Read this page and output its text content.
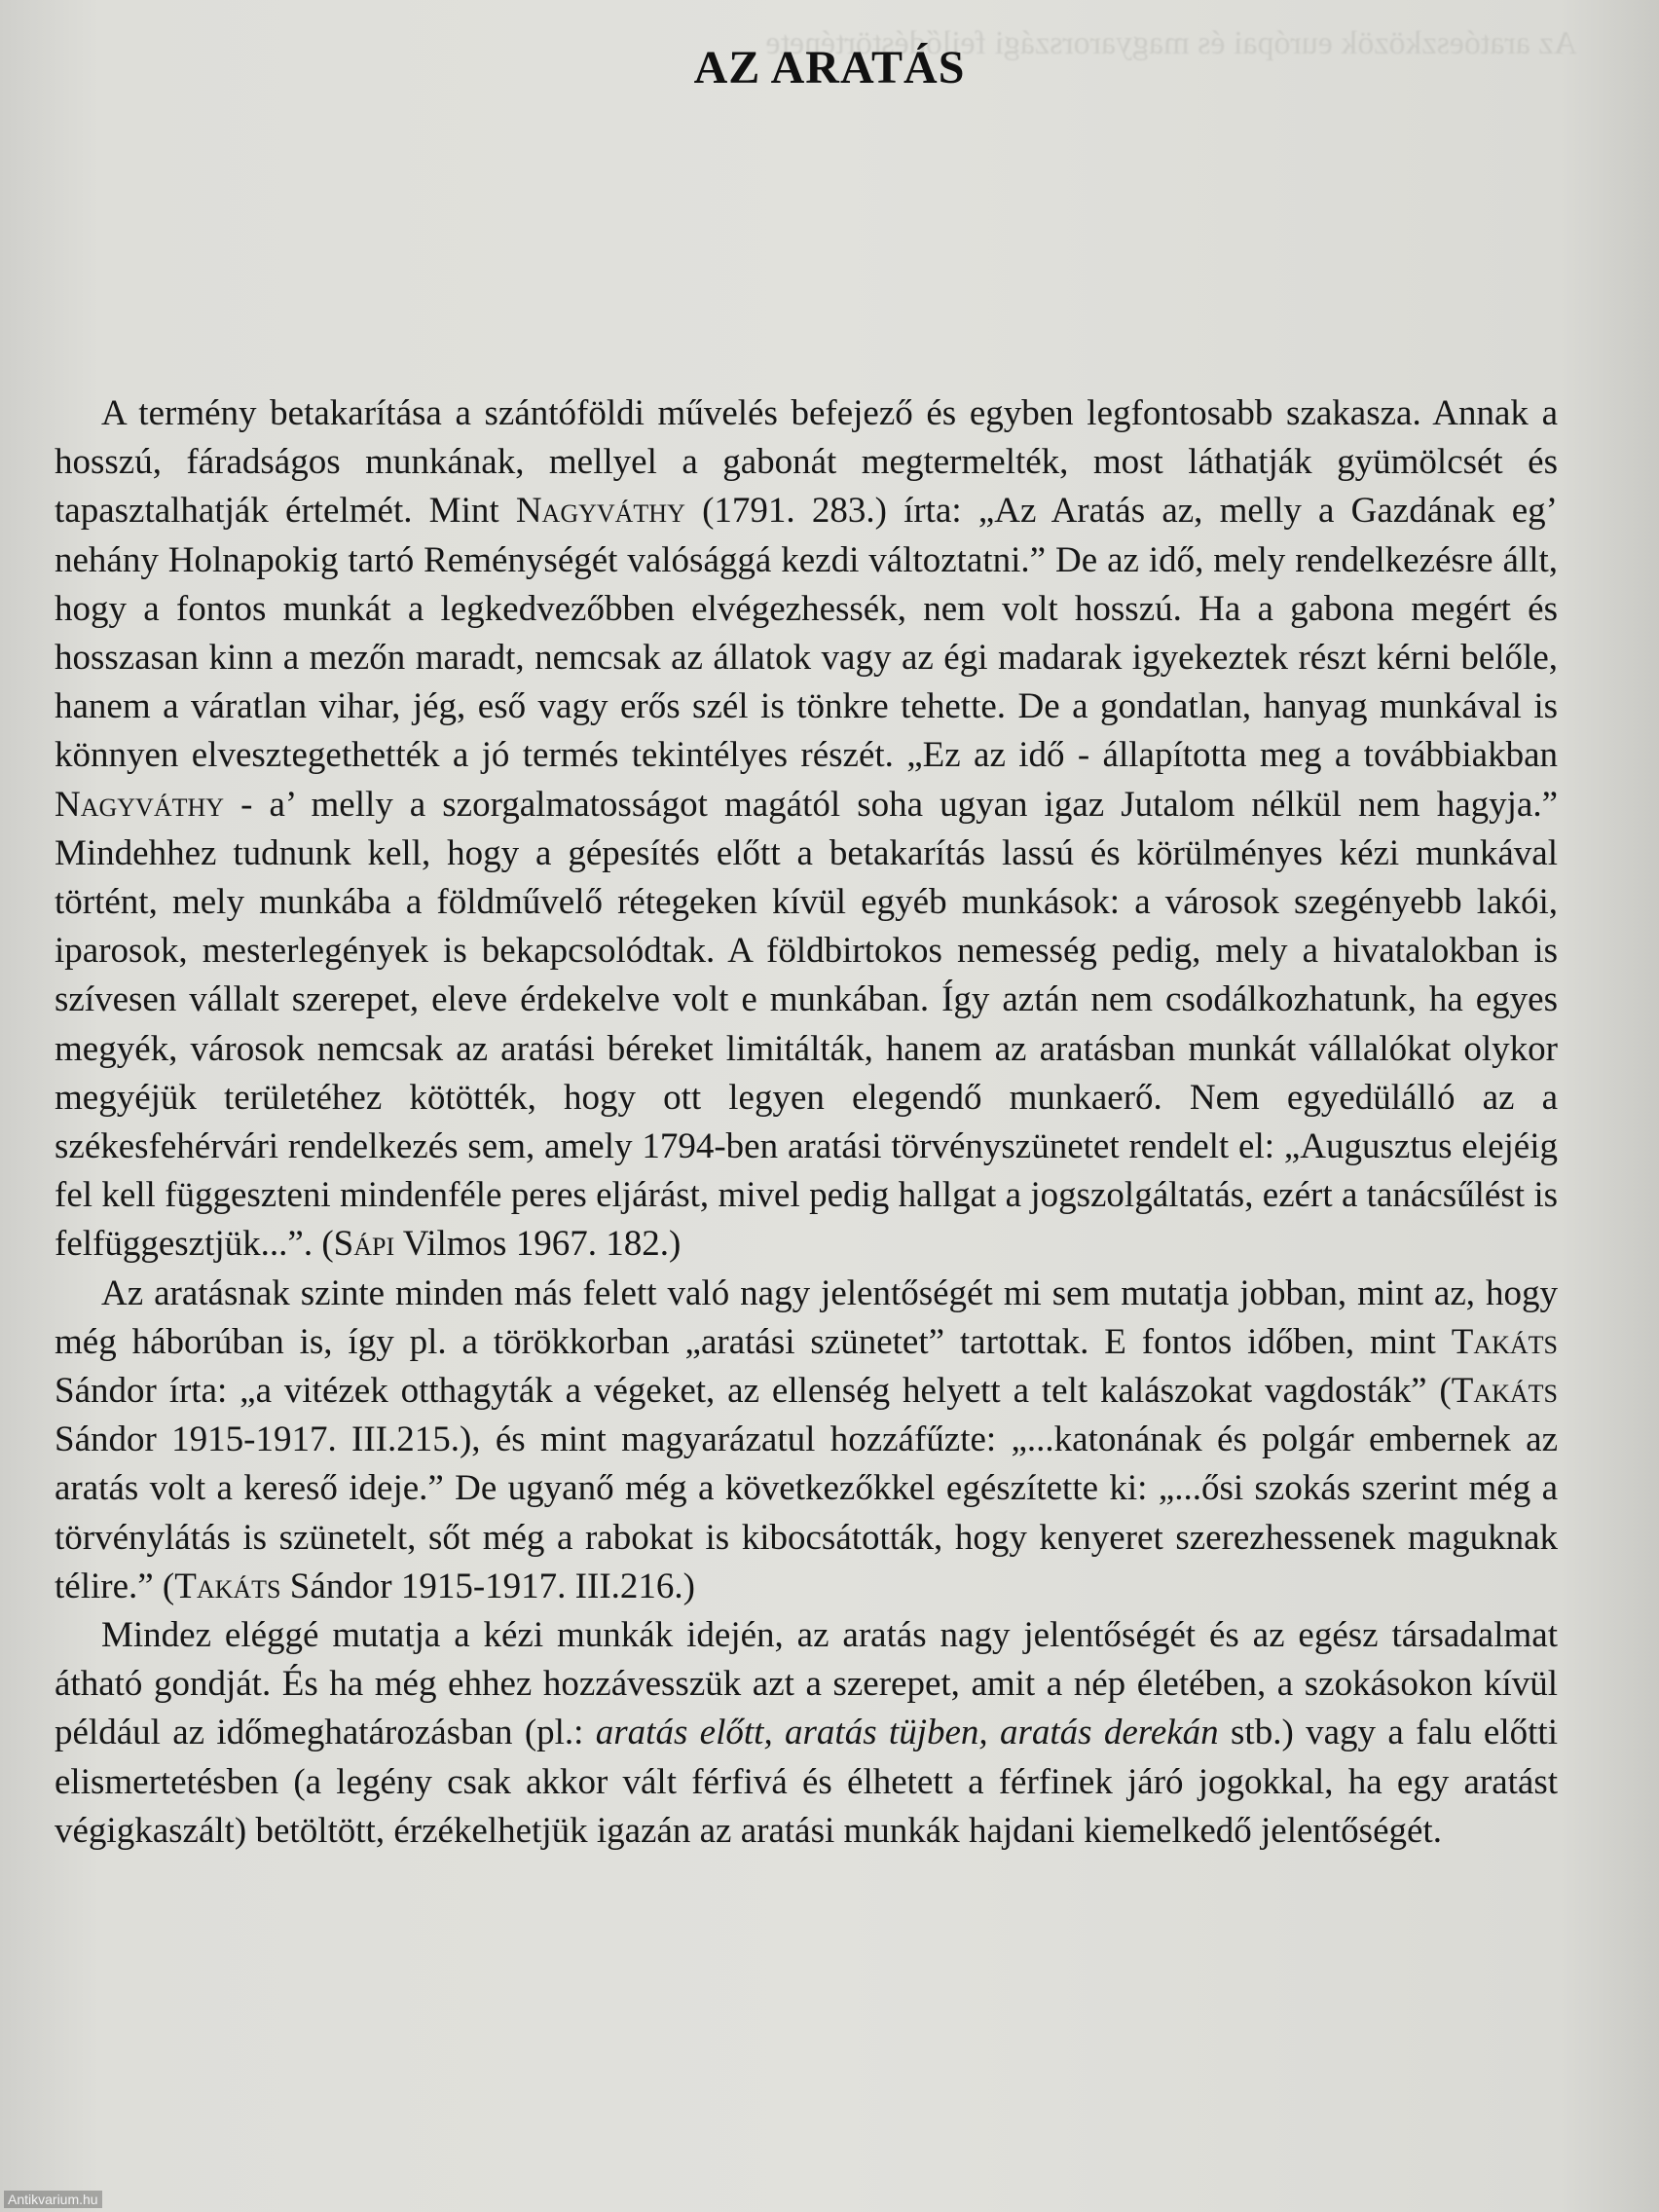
Az aratóeszközök európai és magyarországi fejlődéstörténete
AZ ARATÁS

A termény betakarítása a szántóföldi művelés befejező és egyben legfontosabb szakasza. Annak a hosszú, fáradságos munkának, mellyel a gabonát megtermelték, most láthatják gyümölcsét és tapasztalhatják értelmét. Mint Nagyváthy (1791. 283.) írta: „Az Aratás az, melly a Gazdának eg’ nehány Holnapokig tartó Reménységét valósággá kezdi változtatni.” De az idő, mely rendelkezésre állt, hogy a fontos munkát a legkedvezőbben elvégezhessék, nem volt hosszú. Ha a gabona megért és hosszasan kinn a mezőn maradt, nemcsak az állatok vagy az égi madarak igyekeztek részt kérni belőle, hanem a váratlan vihar, jég, eső vagy erős szél is tönkre tehette. De a gondatlan, hanyag munkával is könnyen elvesztegethették a jó termés tekintélyes részét. „Ez az idő - állapította meg a továbbiakban Nagyváthy - a’ melly a szorgalmatosságot magától soha ugyan igaz Jutalom nélkül nem hagyja.” Mindehhez tudnunk kell, hogy a gépesítés előtt a betakarítás lassú és körülményes kézi munkával történt, mely munkába a földművelő rétegeken kívül egyéb munkások: a városok szegényebb lakói, iparosok, mesterlegények is bekapcsolódtak. A földbirtokos nemesség pedig, mely a hivatalokban is szívesen vállalt szerepet, eleve érdekelve volt e munkában. Így aztán nem csodálkozhatunk, ha egyes megyék, városok nemcsak az aratási béreket limitálták, hanem az aratásban munkát vállalókat olykor megyéjük területéhez kötötték, hogy ott legyen elegendő munkaerő. Nem egyedülálló az a székesfehérvári rendelkezés sem, amely 1794-ben aratási törvényszünetet rendelt el: „Augusztus elejéig fel kell függeszteni mindenféle peres eljárást, mivel pedig hallgat a jogszolgáltatás, ezért a tanácsűlést is felfüggesztjük...”. (Sápi Vilmos 1967. 182.)

Az aratásnak szinte minden más felett való nagy jelentőségét mi sem mutatja jobban, mint az, hogy még háborúban is, így pl. a törökkorban „aratási szünetet” tartottak. E fontos időben, mint Takáts Sándor írta: „a vitézek otthagyták a végeket, az ellenség helyett a telt kalászokat vagdosták” (Takáts Sándor 1915-1917. III.215.), és mint magyarázatul hozzáfűzte: „...katonának és polgár embernek az aratás volt a kereső ideje.” De ugyanő még a következőkkel egészítette ki: „...ősi szokás szerint még a törvénylátás is szünetelt, sőt még a rabokat is kibocsátották, hogy kenyeret szerezhessenek maguknak télire.” (Takáts Sándor 1915-1917. III.216.)

Mindez eléggé mutatja a kézi munkák idején, az aratás nagy jelentőségét és az egész társadalmat átható gondját. És ha még ehhez hozzávesszük azt a szerepet, amit a nép életében, a szokásokon kívül például az időmeghatározásban (pl.: aratás előtt, aratás tüjben, aratás derekán stb.) vagy a falu előtti elismertetésben (a legény csak akkor vált férfivá és élhetett a férfinek járó jogokkal, ha egy aratást végigkaszált) betöltött, érzékelhetjük igazán az aratási munkák hajdani kiemelkedő jelentőségét.

Antikvarium.hu
